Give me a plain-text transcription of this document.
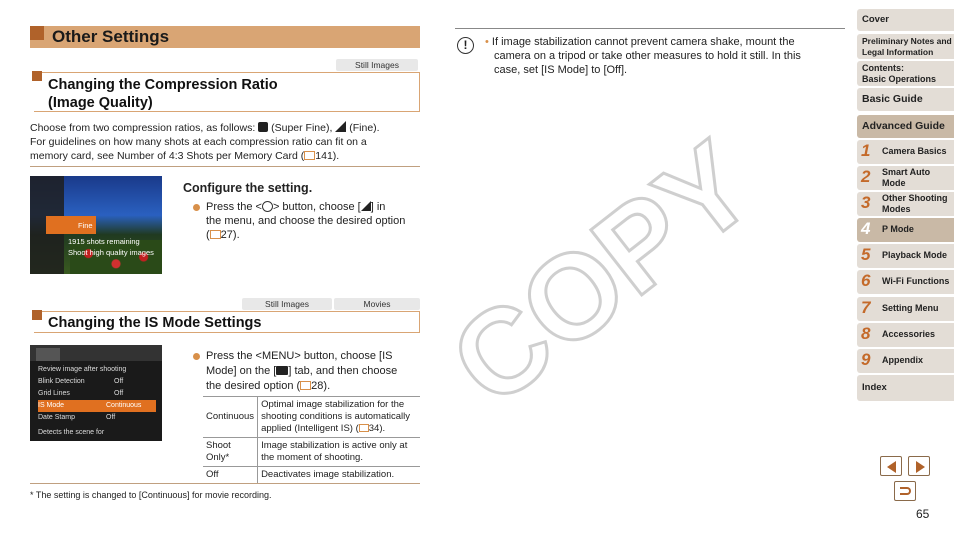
Other Settings
Still Images
Changing the Compression Ratio
(Image Quality)
Choose from two compression ratios, as follows: (Super Fine), (Fine).
For guidelines on how many shots at each compression ratio can fit on a
memory card, see Number of 4:3 Shots per Memory Card ( 141).
Fine
1915 shots remaining
Shoot high quality images
Configure the setting.
Press the < > button, choose [ ] in
the menu, and choose the desired option
( 27).
Still Images	Movies
Changing the IS Mode Settings
Review image after shooting
Blink Detection	Off
Grid Lines	Off
IS Mode	Continuous
Date Stamp	Off
Detects the scene for
Press the <MENU> button, choose [IS
Mode] on the [ ] tab, and then choose
the desired option ( 28).
Continuous	Optimal image stabilization for the
shooting conditions is automatically
applied (Intelligent IS) ( 34).

Shoot Only*	Image stabilization is active only at
the moment of shooting.

Off	Deactivates image stabilization.
* The setting is changed to [Continuous] for movie recording.
!	• If image stabilization cannot prevent camera shake, mount the
camera on a tripod or take other measures to hold it still. In this
case, set [IS Mode] to [Off].
COPY
Cover
Preliminary Notes and
Legal Information
Contents:
Basic Operations
Basic Guide
Advanced Guide
1 Camera Basics
2 Smart Auto Mode
3 Other Shooting Modes
4 P Mode
5 Playback Mode
6 Wi-Fi Functions
7 Setting Menu
8 Accessories
9 Appendix
Index
65
